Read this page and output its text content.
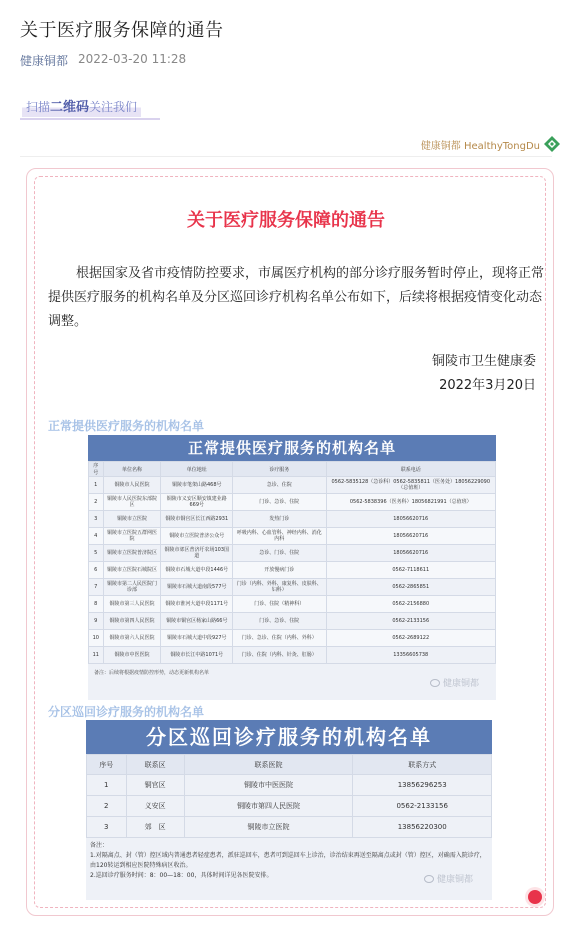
关于医疗服务保障的通告
健康铜都 2022-03-20 11:28
扫描二维码关注我们
健康铜都 HealthyTongDu
关于医疗服务保障的通告
根据国家及省市疫情防控要求，市属医疗机构的部分诊疗服务暂时停止，现将正常提供医疗服务的机构名单及分区巡回诊疗机构名单公布如下，后续将根据疫情变化动态调整。
铜陵市卫生健康委
2022年3月20日
正常提供医疗服务的机构名单
正常提供医疗服务的机构名单
序号	单位名称	单位地址	诊疗服务	联系电话
1	铜陵市人民医院	铜陵市笔架山路468号	急诊、住院	0562-5835128（急诊科）0562-5835811（医务处）18056229090（总值班）
2	铜陵市人民医院东部院区	铜陵市义安区顺安镇建业路669号	门诊、急诊、住院	0562-5838396（医务科）18056821991（总值班）
3	铜陵市立医院	铜陵市铜官区长江西路2931	发热门诊	18056620716
4	铜陵市立医院五群网医院	铜陵市立医院普济公众号	呼吸内科、心血管科、神经内科、消化内科	18056620716
5	铜陵市立医院普济院区	铜陵市郊区普济圩农场103国道	急诊、门诊、住院	18056620716
6	铜陵市立医院石城院区	铜陵市石城大道中段1446号	开放慢病门诊	0562-7118611
7	铜陵市第二人民医院门诊部	铜陵市石城大道南段577号	门诊（内科、外科、康复科、皮肤科、妇科）	0562-2865851
8	铜陵市第三人民医院	铜陵市淮河大道中段1171号	门诊、住院（精神科）	0562-2156880
9	铜陵市第四人民医院	铜陵市铜官区杨家山路66号	门诊、急诊、住院	0562-2133156
10	铜陵市第六人民医院	铜陵市石城大道中段927号	门诊、急诊、住院（内科、外科）	0562-2689122
11	铜陵市中医医院	铜陵市长江中路1071号	门诊、住院（内科、针灸、肛肠）	13356605738
备注：后续将根据疫情防控形势，动态更新机构名单
健康铜都
分区巡回诊疗服务的机构名单
分区巡回诊疗服务的机构名单
序号	联系区	联系医院	联系方式
1	铜官区	铜陵市中医医院	13856296253
2	义安区	铜陵市第四人民医院	0562-2133156
3	郊　区	铜陵市立医院	13856220300
备注：
1.对隔离点、封（管）控区域内普通患者轻症患者，派驻巡回车，患者可到巡回车上诊治，诊治结束再送至隔离点或封（管）控区，对确需入院诊疗，由120转运到相应医院特殊病区收治。
2.巡回诊疗服务时间：8：00—18：00，具体时间详见各医院安排。	健康铜都
